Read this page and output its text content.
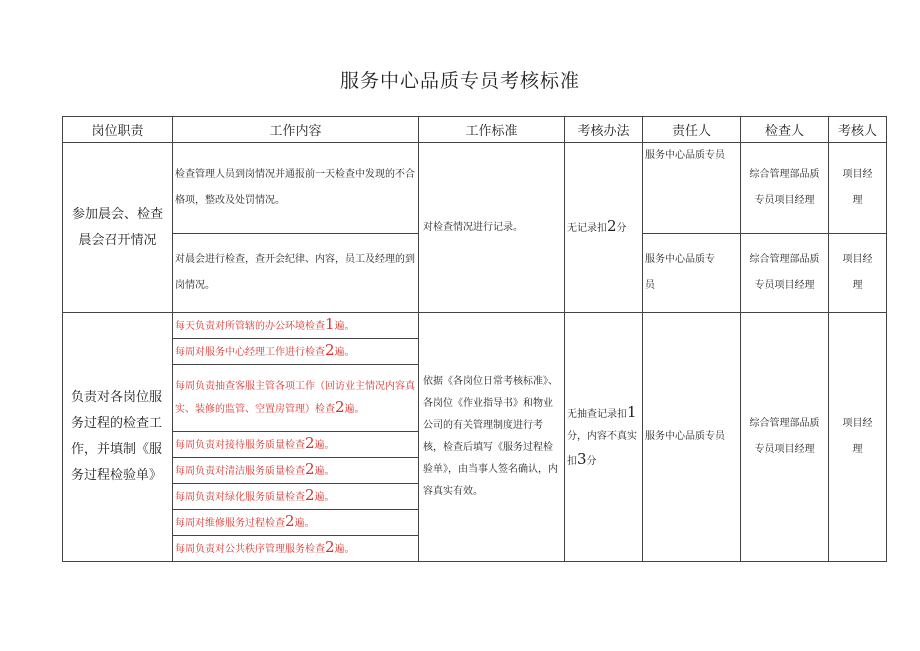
服务中心品质专员考核标准
岗位职责	工作内容	工作标准	考核办法	责任人	检查人	考核人
参加晨会、检查晨会召开情况	检查管理人员到岗情况并通报前一天检查中发现的不合格项，整改及处罚情况。	对检查情况进行记录。	无记录扣2分	服务中心品质专员	综合管理部品质专员项目经理	项目经理
	对晨会进行检查，查开会纪律、内容，员工及经理的到岗情况。			服务中心品质专员	综合管理部品质专员项目经理	项目经理
负责对各岗位服务过程的检查工作，并填制《服务过程检验单》	每天负责对所管辖的办公环境检查1遍。	依据《各岗位日常考核标准》、各岗位《作业指导书》和物业公司的有关管理制度进行考核，检查后填写《服务过程检验单》，由当事人签名确认，内容真实有效。	无抽查记录扣1分，内容不真实扣3分	服务中心品质专员	综合管理部品质专员项目经理	项目经理
	每周对服务中心经理工作进行检查2遍。					
	每周负责抽查客服主管各项工作（回访业主情况内容真实、装修的监管、空置房管理）检查2遍。					
	每周负责对接待服务质量检查2遍。					
	每周负责对清洁服务质量检查2遍。					
	每周负责对绿化服务质量检查2遍。					
	每周对维修服务过程检查2遍。					
	每周负责对公共秩序管理服务检查2遍。					
